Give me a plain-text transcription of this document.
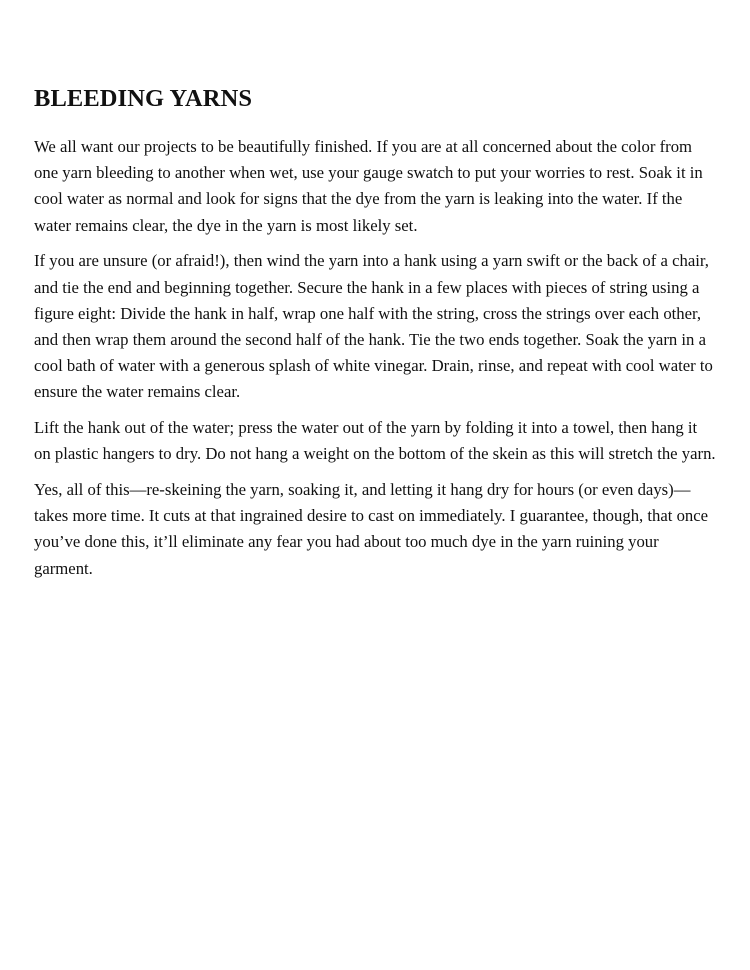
BLEEDING YARNS

We all want our projects to be beautifully finished. If you are at all concerned about the color from one yarn bleeding to another when wet, use your gauge swatch to put your worries to rest. Soak it in cool water as normal and look for signs that the dye from the yarn is leaking into the water. If the water remains clear, the dye in the yarn is most likely set.

If you are unsure (or afraid!), then wind the yarn into a hank using a yarn swift or the back of a chair, and tie the end and beginning together. Secure the hank in a few places with pieces of string using a figure eight: Divide the hank in half, wrap one half with the string, cross the strings over each other, and then wrap them around the second half of the hank. Tie the two ends together. Soak the yarn in a cool bath of water with a generous splash of white vinegar. Drain, rinse, and repeat with cool water to ensure the water remains clear.

Lift the hank out of the water; press the water out of the yarn by folding it into a towel, then hang it on plastic hangers to dry. Do not hang a weight on the bottom of the skein as this will stretch the yarn.

Yes, all of this—re-skeining the yarn, soaking it, and letting it hang dry for hours (or even days)—takes more time. It cuts at that ingrained desire to cast on immediately. I guarantee, though, that once you’ve done this, it’ll eliminate any fear you had about too much dye in the yarn ruining your garment.
